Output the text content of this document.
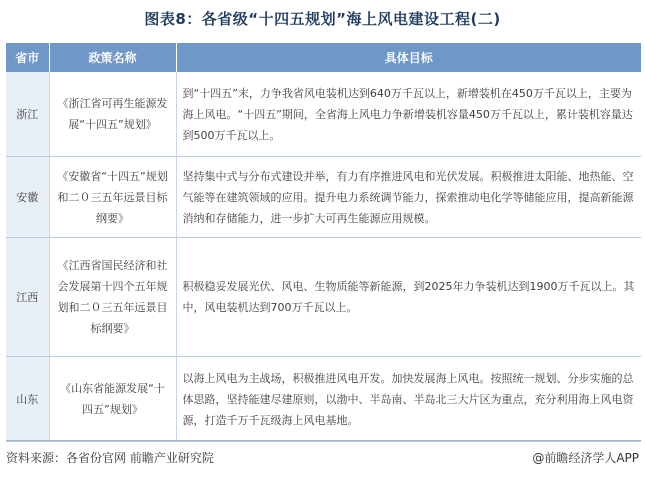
图表8：各省级“十四五规划”海上风电建设工程(二)
省市	政策名称	具体目标
浙江	《浙江省可再生能源发展“十四五”规划》	到“十四五”末，力争我省风电装机达到640万千瓦以上，新增装机在450万千瓦以上，主要为海上风电。“十四五”期间，全省海上风电力争新增装机容量450万千瓦以上，累计装机容量达到500万千瓦以上。
安徽	《安徽省“十四五”规划和二０三五年远景目标纲要》	坚持集中式与分布式建设并举，有力有序推进风电和光伏发展。积极推进太阳能、地热能、空气能等在建筑领域的应用。提升电力系统调节能力，探索推动电化学等储能应用，提高新能源消纳和存储能力，进一步扩大可再生能源应用规模。
江西	《江西省国民经济和社会发展第十四个五年规划和二０三五年远景目标纲要》	积极稳妥发展光伏、风电、生物质能等新能源，到2025年力争装机达到1900万千瓦以上。其中，风电装机达到700万千瓦以上。
山东	《山东省能源发展“十四五”规划》	以海上风电为主战场，积极推进风电开发。加快发展海上风电。按照统一规划、分步实施的总体思路，坚持能建尽建原则，以渤中、半岛南、半岛北三大片区为重点，充分利用海上风电资源，打造千万千瓦级海上风电基地。
资料来源：各省份官网 前瞻产业研究院	@前瞻经济学人APP
